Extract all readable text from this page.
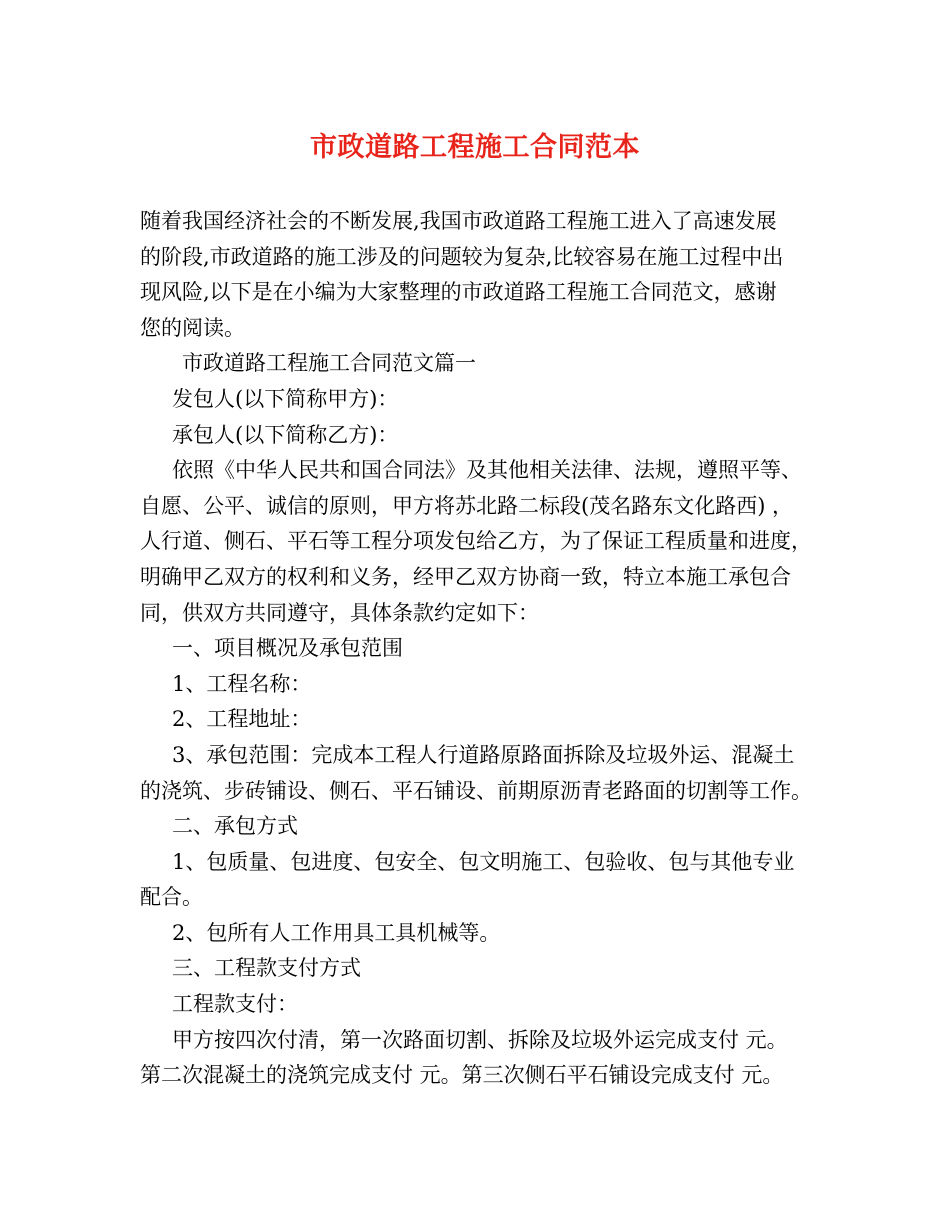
市政道路工程施工合同范本

随着我国经济社会的不断发展,我国市政道路工程施工进入了高速发展
的阶段,市政道路的施工涉及的问题较为复杂,比较容易在施工过程中出
现风险,以下是在小编为大家整理的市政道路工程施工合同范文，感谢
您的阅读。

市政道路工程施工合同范文篇一

发包人(以下简称甲方)：

承包人(以下简称乙方)：

依照《中华人民共和国合同法》及其他相关法律、法规，遵照平等、
自愿、公平、诚信的原则，甲方将苏北路二标段(茂名路东文化路西) ，
人行道、侧石、平石等工程分项发包给乙方，为了保证工程质量和进度，
明确甲乙双方的权利和义务，经甲乙双方协商一致，特立本施工承包合
同，供双方共同遵守，具体条款约定如下：

一、项目概况及承包范围

1、工程名称：

2、工程地址：

3、承包范围：完成本工程人行道路原路面拆除及垃圾外运、混凝土
的浇筑、步砖铺设、侧石、平石铺设、前期原沥青老路面的切割等工作。

二、承包方式

1、包质量、包进度、包安全、包文明施工、包验收、包与其他专业
配合。

2、包所有人工作用具工具机械等。

三、工程款支付方式

工程款支付：

甲方按四次付清，第一次路面切割、拆除及垃圾外运完成支付 元。
第二次混凝土的浇筑完成支付 元。第三次侧石平石铺设完成支付 元。
